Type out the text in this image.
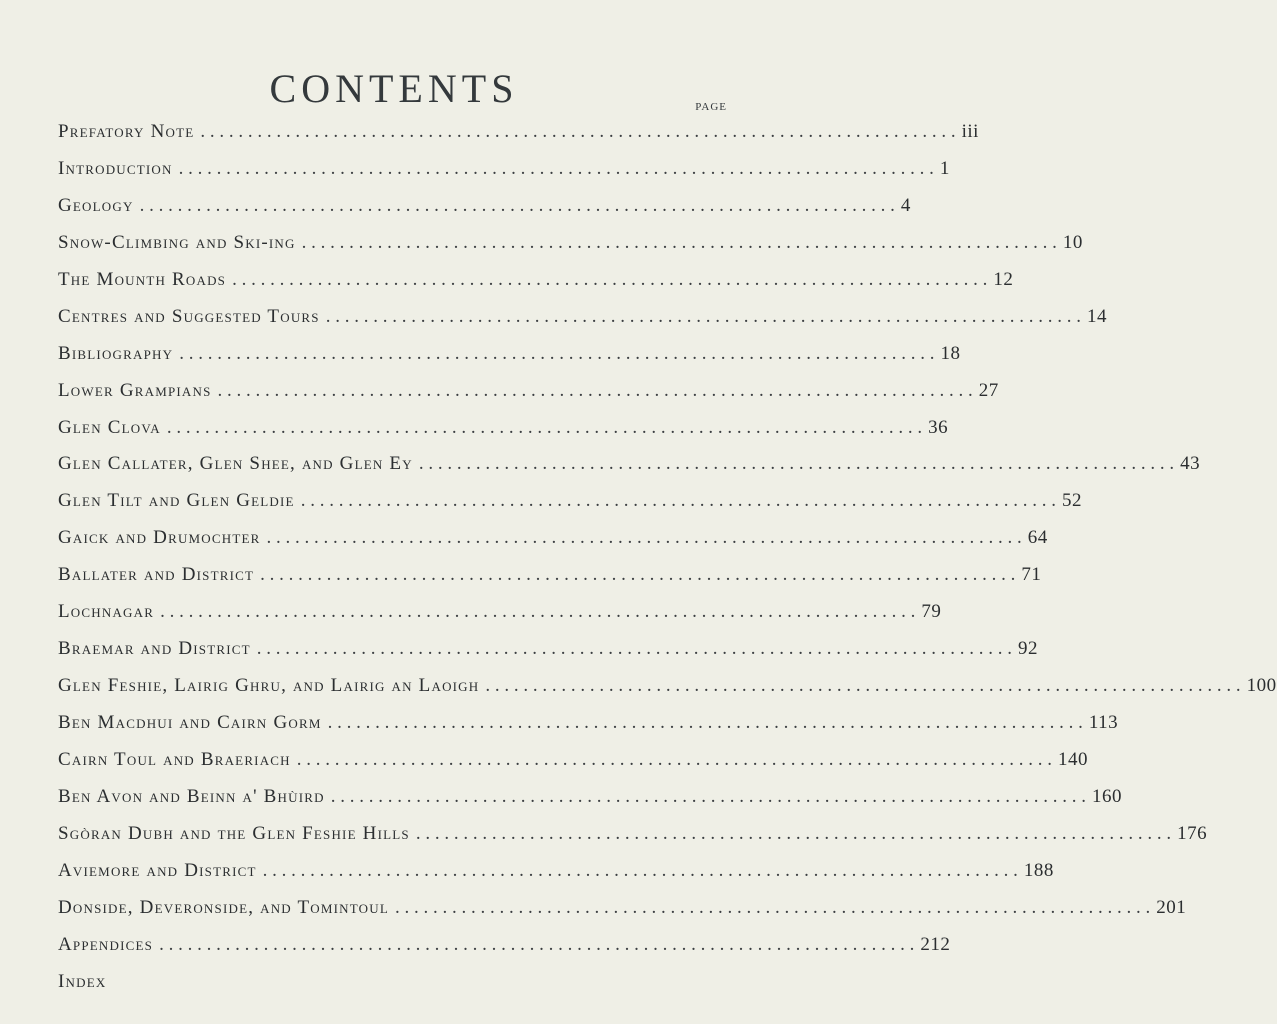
CONTENTS	PAGE
Prefatory Note . . . . . . . . . . . . . . . . . . . . . . . . . . . . . . . . . . . . . . . . . . . . . . . . . . . . . . . . . . . . . . . . . . . . . . . . . . . . . . . . iii
Introduction . . . . . . . . . . . . . . . . . . . . . . . . . . . . . . . . . . . . . . . . . . . . . . . . . . . . . . . . . . . . . . . . . . . . . . . . . . . . . . . . 1
Geology . . . . . . . . . . . . . . . . . . . . . . . . . . . . . . . . . . . . . . . . . . . . . . . . . . . . . . . . . . . . . . . . . . . . . . . . . . . . . . . . 4
Snow-Climbing and Ski-ing . . . . . . . . . . . . . . . . . . . . . . . . . . . . . . . . . . . . . . . . . . . . . . . . . . . . . . . . . . . . . . . . . . . . . . . . . . . . . . . . 10
The Mounth Roads . . . . . . . . . . . . . . . . . . . . . . . . . . . . . . . . . . . . . . . . . . . . . . . . . . . . . . . . . . . . . . . . . . . . . . . . . . . . . . . . 12
Centres and Suggested Tours . . . . . . . . . . . . . . . . . . . . . . . . . . . . . . . . . . . . . . . . . . . . . . . . . . . . . . . . . . . . . . . . . . . . . . . . . . . . . . . . 14
Bibliography . . . . . . . . . . . . . . . . . . . . . . . . . . . . . . . . . . . . . . . . . . . . . . . . . . . . . . . . . . . . . . . . . . . . . . . . . . . . . . . . 18
Lower Grampians . . . . . . . . . . . . . . . . . . . . . . . . . . . . . . . . . . . . . . . . . . . . . . . . . . . . . . . . . . . . . . . . . . . . . . . . . . . . . . . . 27
Glen Clova . . . . . . . . . . . . . . . . . . . . . . . . . . . . . . . . . . . . . . . . . . . . . . . . . . . . . . . . . . . . . . . . . . . . . . . . . . . . . . . . 36
Glen Callater, Glen Shee, and Glen Ey . . . . . . . . . . . . . . . . . . . . . . . . . . . . . . . . . . . . . . . . . . . . . . . . . . . . . . . . . . . . . . . . . . . . . . . . . . . . . . . . 43
Glen Tilt and Glen Geldie . . . . . . . . . . . . . . . . . . . . . . . . . . . . . . . . . . . . . . . . . . . . . . . . . . . . . . . . . . . . . . . . . . . . . . . . . . . . . . . . 52
Gaick and Drumochter . . . . . . . . . . . . . . . . . . . . . . . . . . . . . . . . . . . . . . . . . . . . . . . . . . . . . . . . . . . . . . . . . . . . . . . . . . . . . . . . 64
Ballater and District . . . . . . . . . . . . . . . . . . . . . . . . . . . . . . . . . . . . . . . . . . . . . . . . . . . . . . . . . . . . . . . . . . . . . . . . . . . . . . . . 71
Lochnagar . . . . . . . . . . . . . . . . . . . . . . . . . . . . . . . . . . . . . . . . . . . . . . . . . . . . . . . . . . . . . . . . . . . . . . . . . . . . . . . . 79
Braemar and District . . . . . . . . . . . . . . . . . . . . . . . . . . . . . . . . . . . . . . . . . . . . . . . . . . . . . . . . . . . . . . . . . . . . . . . . . . . . . . . . 92
Glen Feshie, Lairig Ghru, and Lairig an Laoigh . . . . . . . . . . . . . . . . . . . . . . . . . . . . . . . . . . . . . . . . . . . . . . . . . . . . . . . . . . . . . . . . . . . . . . . . . . . . . . . . 100
Ben Macdhui and Cairn Gorm . . . . . . . . . . . . . . . . . . . . . . . . . . . . . . . . . . . . . . . . . . . . . . . . . . . . . . . . . . . . . . . . . . . . . . . . . . . . . . . . 113
Cairn Toul and Braeriach . . . . . . . . . . . . . . . . . . . . . . . . . . . . . . . . . . . . . . . . . . . . . . . . . . . . . . . . . . . . . . . . . . . . . . . . . . . . . . . . 140
Ben Avon and Beinn a' Bhùird . . . . . . . . . . . . . . . . . . . . . . . . . . . . . . . . . . . . . . . . . . . . . . . . . . . . . . . . . . . . . . . . . . . . . . . . . . . . . . . . 160
Sgòran Dubh and the Glen Feshie Hills . . . . . . . . . . . . . . . . . . . . . . . . . . . . . . . . . . . . . . . . . . . . . . . . . . . . . . . . . . . . . . . . . . . . . . . . . . . . . . . . 176
Aviemore and District . . . . . . . . . . . . . . . . . . . . . . . . . . . . . . . . . . . . . . . . . . . . . . . . . . . . . . . . . . . . . . . . . . . . . . . . . . . . . . . . 188
Donside, Deveronside, and Tomintoul . . . . . . . . . . . . . . . . . . . . . . . . . . . . . . . . . . . . . . . . . . . . . . . . . . . . . . . . . . . . . . . . . . . . . . . . . . . . . . . . 201
Appendices . . . . . . . . . . . . . . . . . . . . . . . . . . . . . . . . . . . . . . . . . . . . . . . . . . . . . . . . . . . . . . . . . . . . . . . . . . . . . . . . 212
Index
